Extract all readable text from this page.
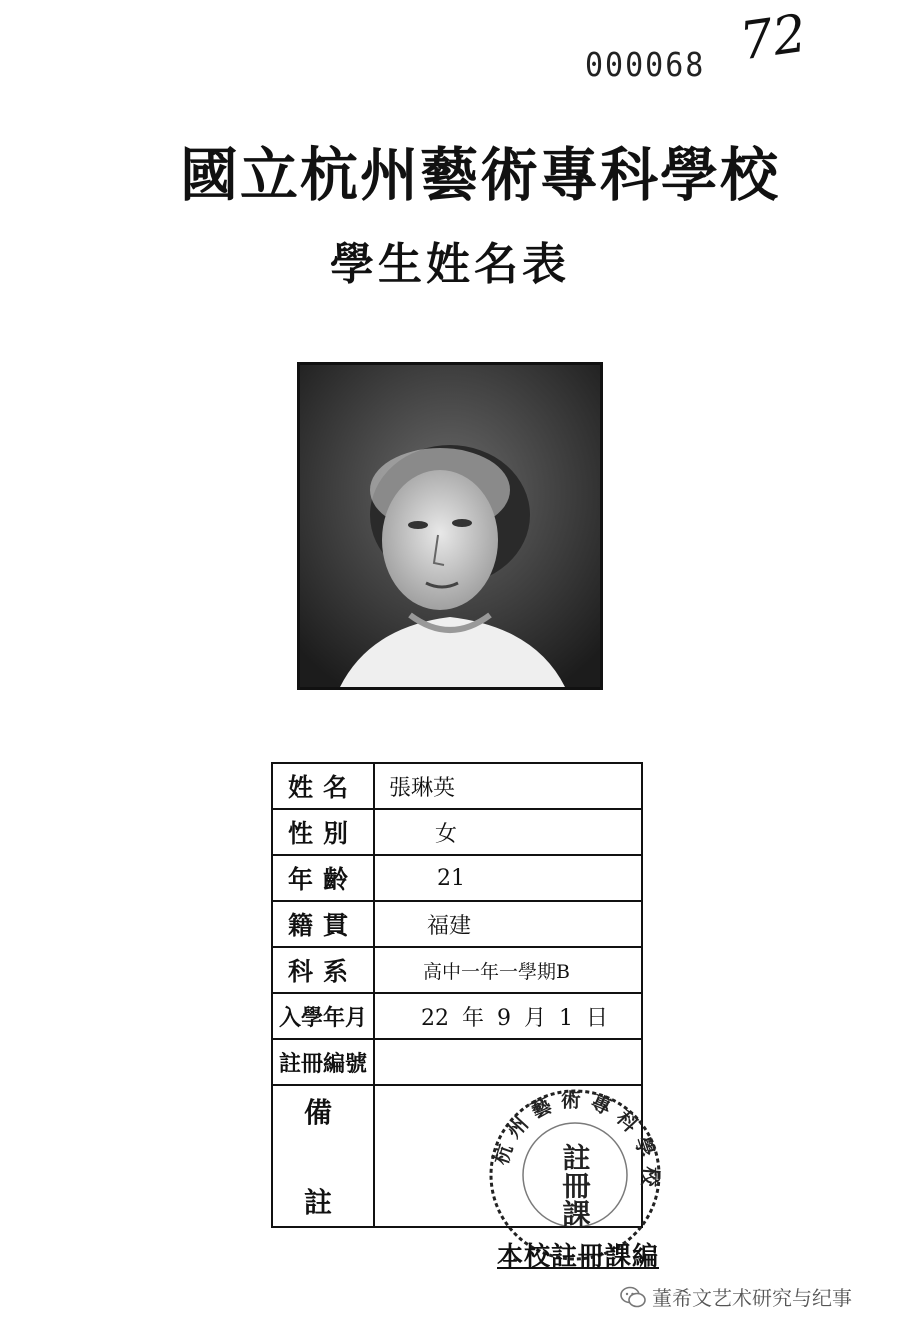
72
000068
國立杭州藝術專科學校
學生姓名表
姓名	張琳英
性別	女
年齡	21
籍貫	福建
科系	高中一年一學期B
入學年月	22 年 9 月 1 日
註冊編號	

備
註	

杭州藝術專科學校
註冊課
本校註冊課編
董希文艺术研究与纪事
